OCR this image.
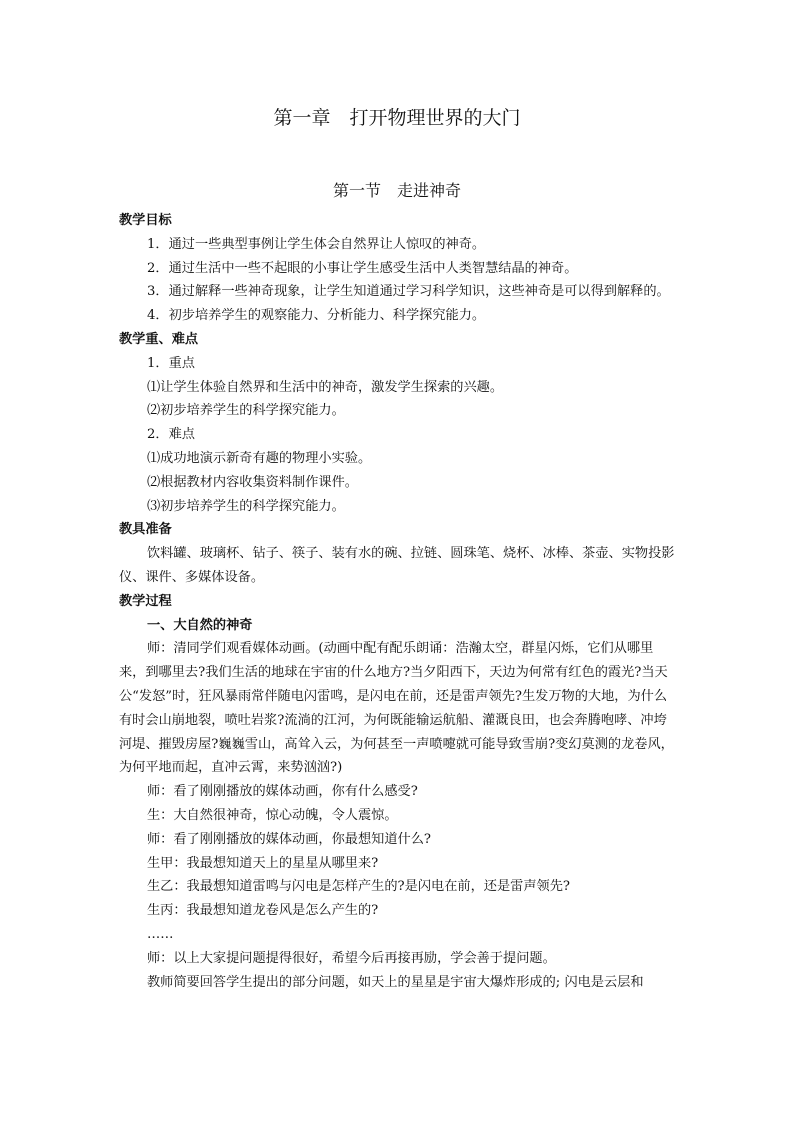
第一章　打开物理世界的大门
第一节　走进神奇

教学目标

1．通过一些典型事例让学生体会自然界让人惊叹的神奇。

2．通过生活中一些不起眼的小事让学生感受生活中人类智慧结晶的神奇。

3．通过解释一些神奇现象，让学生知道通过学习科学知识，这些神奇是可以得到解释的。

4．初步培养学生的观察能力、分析能力、科学探究能力。

教学重、难点

1．重点

⑴让学生体验自然界和生活中的神奇，激发学生探索的兴趣。

⑵初步培养学生的科学探究能力。

2．难点

⑴成功地演示新奇有趣的物理小实验。

⑵根据教材内容收集资料制作课件。

⑶初步培养学生的科学探究能力。

教具准备

饮料罐、玻璃杯、钻子、筷子、装有水的碗、拉链、圆珠笔、烧杯、冰棒、茶壶、实物投影仪、课件、多媒体设备。

教学过程

一、大自然的神奇

师：清同学们观看媒体动画。(动画中配有配乐朗诵：浩瀚太空，群星闪烁，它们从哪里来，到哪里去?我们生活的地球在宇宙的什么地方?当夕阳西下，天边为何常有红色的霞光?当天公“发怒”时，狂风暴雨常伴随电闪雷鸣，是闪电在前，还是雷声领先?生发万物的大地，为什么有时会山崩地裂，喷吐岩浆?流淌的江河，为何既能输运航船、灌溉良田，也会奔腾咆哮、冲垮河堤、摧毁房屋?巍巍雪山，高耸入云，为何甚至一声喷嚏就可能导致雪崩?变幻莫测的龙卷风，为何平地而起，直冲云霄，来势汹汹?)

师：看了刚刚播放的媒体动画，你有什么感受?

生：大自然很神奇，惊心动魄，令人震惊。

师：看了刚刚播放的媒体动画，你最想知道什么?

生甲：我最想知道天上的星星从哪里来?

生乙：我最想知道雷鸣与闪电是怎样产生的?是闪电在前，还是雷声领先?

生丙：我最想知道龙卷风是怎么产生的?

……

师：以上大家提问题提得很好，希望今后再接再励，学会善于提问题。

教师简要回答学生提出的部分问题，如天上的星星是宇宙大爆炸形成的; 闪电是云层和
